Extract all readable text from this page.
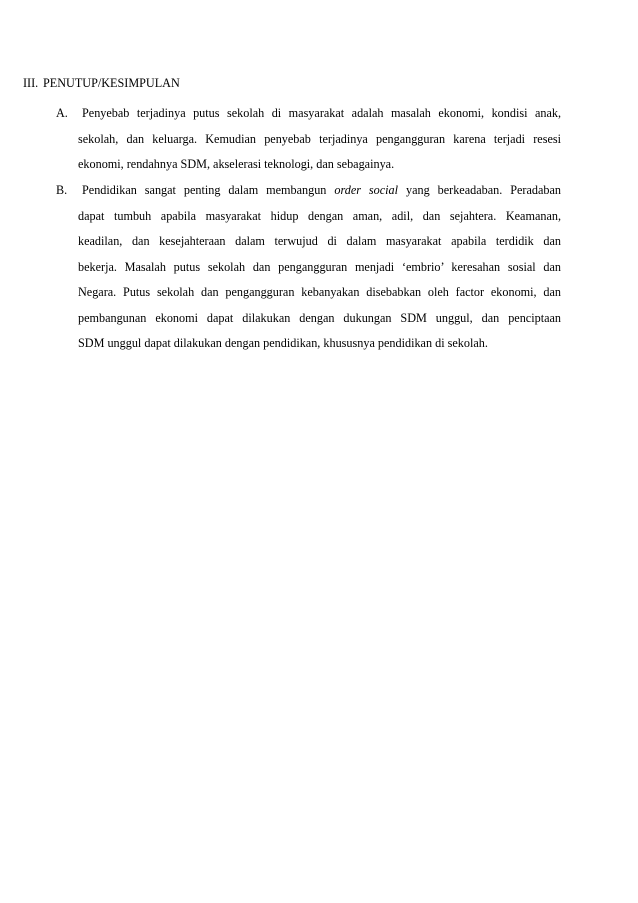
III. PENUTUP/KESIMPULAN
A.	Penyebab terjadinya putus sekolah di masyarakat adalah masalah ekonomi, kondisi anak,
sekolah, dan keluarga. Kemudian penyebab terjadinya pengangguran karena terjadi resesi
ekonomi, rendahnya SDM, akselerasi teknologi, dan sebagainya.
B.	Pendidikan sangat penting dalam membangun order social yang berkeadaban. Peradaban
dapat tumbuh apabila masyarakat hidup dengan aman, adil, dan sejahtera. Keamanan,
keadilan, dan kesejahteraan dalam terwujud di dalam masyarakat apabila terdidik dan
bekerja. Masalah putus sekolah dan pengangguran menjadi ‘embrio’ keresahan sosial dan
Negara. Putus sekolah dan pengangguran kebanyakan disebabkan oleh factor ekonomi, dan
pembangunan ekonomi dapat dilakukan dengan dukungan SDM unggul, dan penciptaan
SDM unggul dapat dilakukan dengan pendidikan, khususnya pendidikan di sekolah.
